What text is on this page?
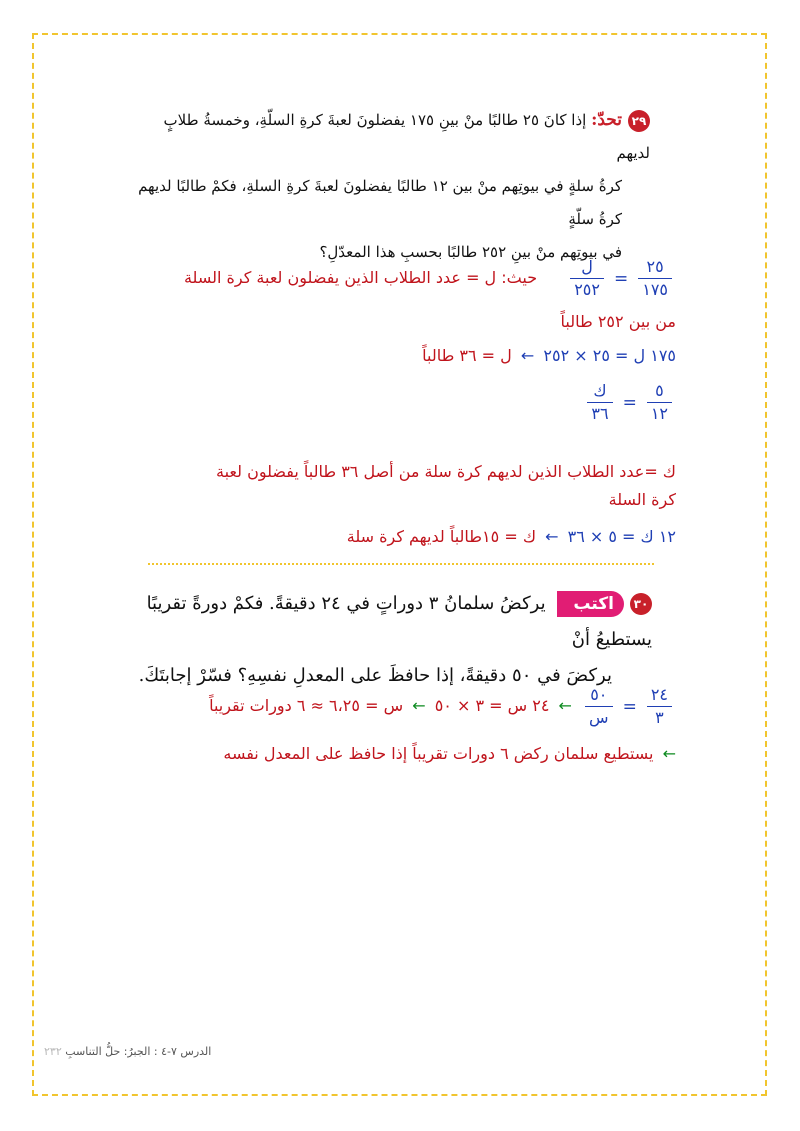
٢٩تحدّ: إذا كانَ ٢٥ طالبًا منْ بينِ ١٧٥ يفضلونَ لعبةَ كرةِ السلّةِ، وخمسةُ طلابٍ لديهم
كرةُ سلةٍ في بيوتِهم منْ بين ١٢ طالبًا يفضلونَ لعبةَ كرةِ السلةِ، فكمْ طالبًا لديهم كرةُ سلّةٍ
في بيوتِهم منْ بينِ ٢٥٢ طالبًا بحسبِ هذا المعدّلِ؟
$\frac{٢٥}{١٧٥}$
=
$\frac{\text{ل}}{٢٥٢}$
حيث: ل = عدد الطلاب الذين يفضلون لعبة كرة السلة
من بين ٢٥٢ طالباً
١٧٥ ل = ٢٥ × ٢٥٢ ← ل = ٣٦ طالباً
$\frac{٥}{١٢}$
=
$\frac{\text{ك}}{٣٦}$
ك =عدد الطلاب الذين لديهم كرة سلة من أصل ٣٦ طالباً يفضلون لعبة
كرة السلة
١٢ ك = ٥ × ٣٦ ← ك = ١٥طالباً لديهم كرة سلة
٣٠اكتب يركضُ سلمانُ ٣ دوراتٍ في ٢٤ دقيقةً. فكمْ دورةً تقريبًا يستطيعُ أنْ
يركضَ في ٥٠ دقيقةً، إذا حافظَ على المعدلِ نفسِهِ؟ فسّرْ إجابتَكَ.
$\frac{٢٤}{٣}$
=
$\frac{٥٠}{\text{س}}$
← ٢٤ س = ٣ × ٥٠ ← س = ٦،٢٥ ≈ ٦ دورات تقريباً
← يستطيع سلمان ركض ٦ دورات تقريباً إذا حافظ على المعدل نفسه
الدرس ٧-٤ : الجبرُ: حلُّ التناسبِ ٢٣٢
